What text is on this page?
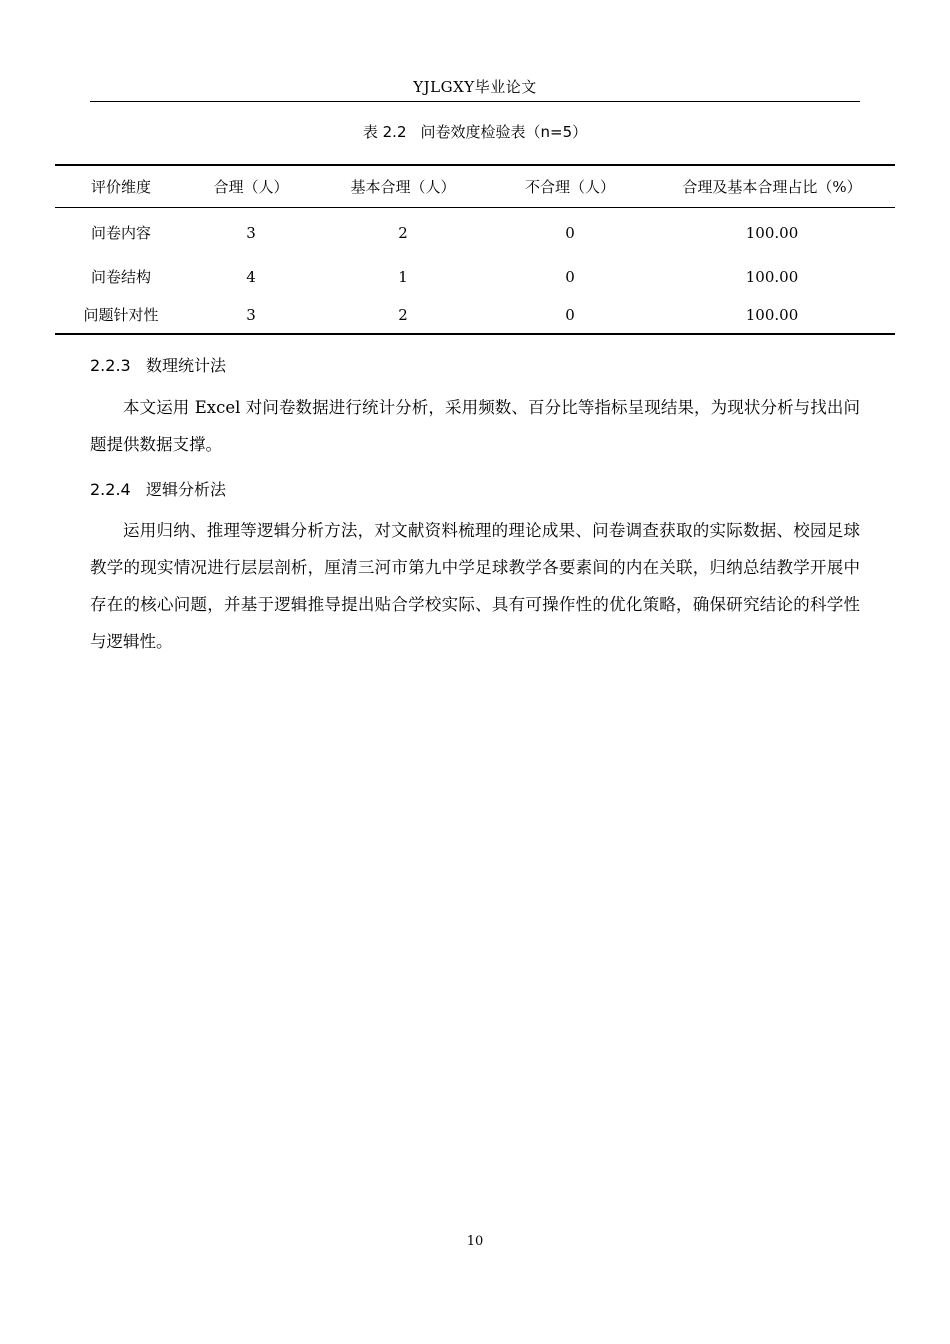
YJLGXY毕业论文
表 2.2 问卷效度检验表（n=5）
评价维度	合理（人）	基本合理（人）	不合理（人）	合理及基本合理占比（%）
问卷内容	3	2	0	100.00
问卷结构	4	1	0	100.00
问题针对性	3	2	0	100.00
2.2.3 数理统计法

本文运用 Excel 对问卷数据进行统计分析，采用频数、百分比等指标呈现结果，为现状分析与找出问题提供数据支撑。

2.2.4 逻辑分析法

运用归纳、推理等逻辑分析方法，对文献资料梳理的理论成果、问卷调查获取的实际数据、校园足球教学的现实情况进行层层剖析，厘清三河市第九中学足球教学各要素间的内在关联，归纳总结教学开展中存在的核心问题，并基于逻辑推导提出贴合学校实际、具有可操作性的优化策略，确保研究结论的科学性与逻辑性。

10
